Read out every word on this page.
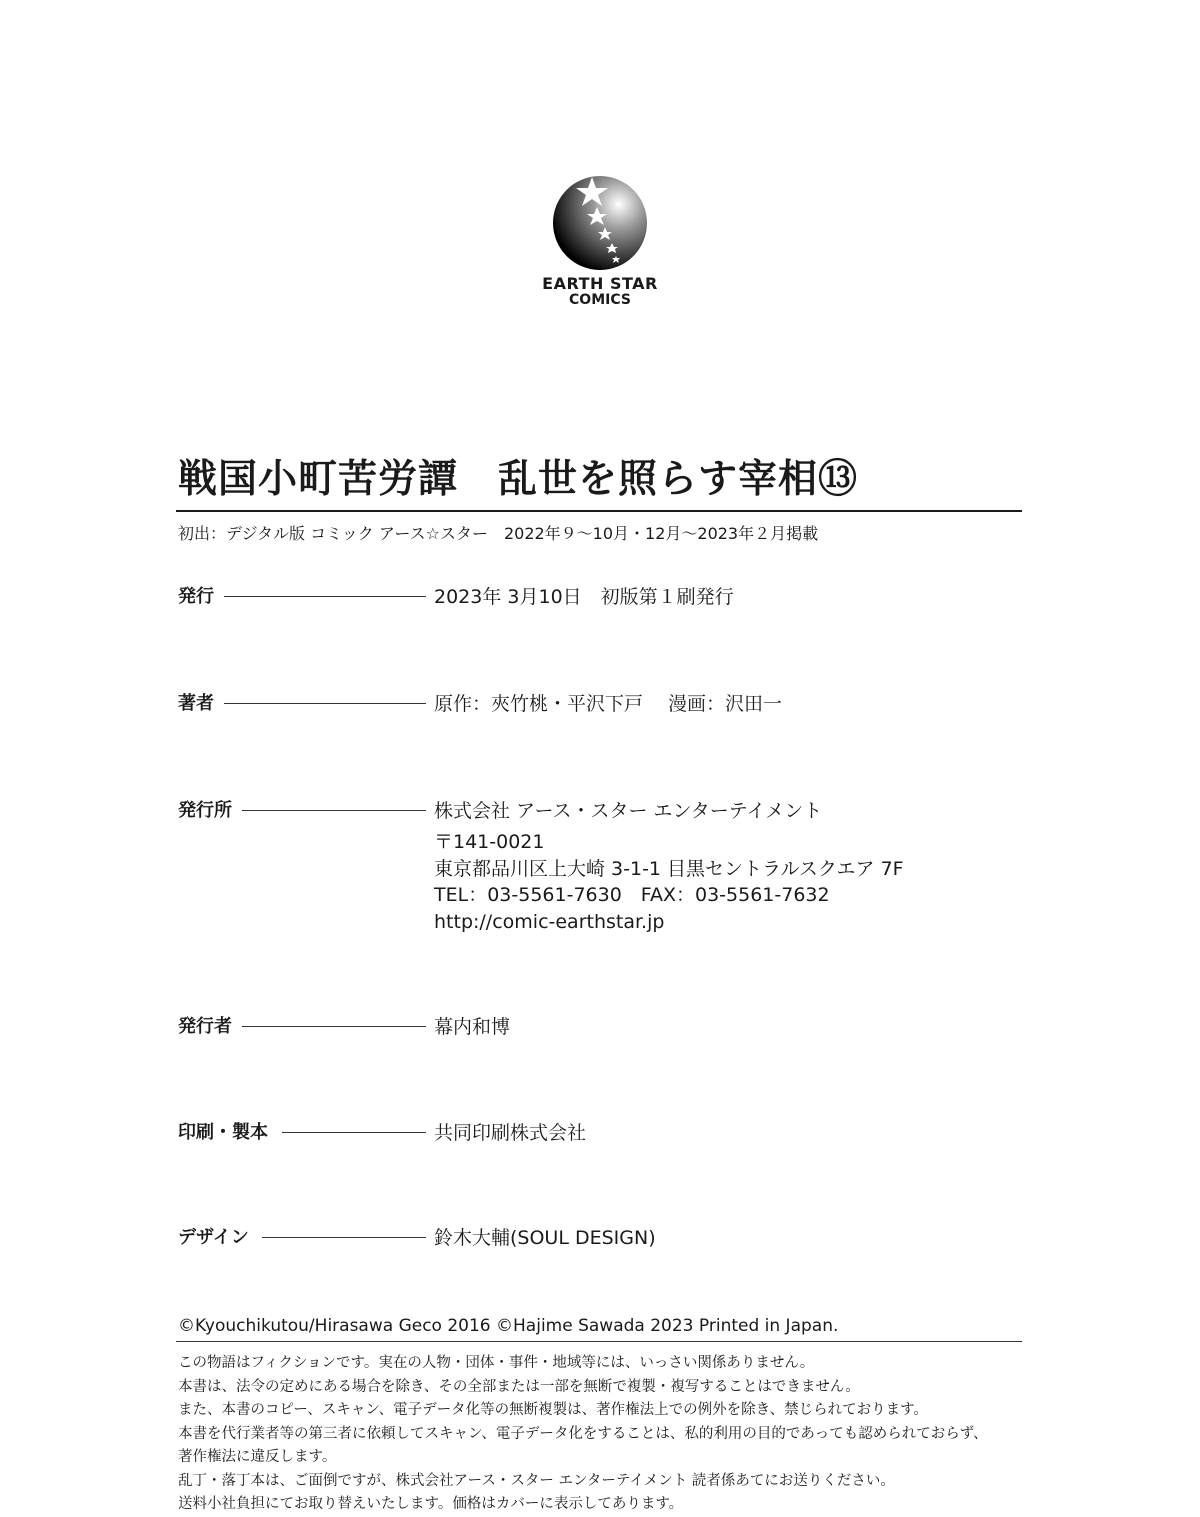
EARTH STAR
COMICS
戦国小町苦労譚　乱世を照らす宰相⑬
初出：デジタル版 コミック アース☆スター　2022年９～10月・12月～2023年２月掲載
発行	2023年 3月10日　初版第１刷発行
著者	原作：夾竹桃・平沢下戸　 漫画：沢田一
発行所	株式会社 アース・スター エンターテイメント
〒141-0021
東京都品川区上大崎 3-1-1 目黒セントラルスクエア 7F
TEL：03-5561-7630　FAX：03-5561-7632
http://comic-earthstar.jp
発行者	幕内和博
印刷・製本	共同印刷株式会社
デザイン	鈴木大輔(SOUL DESIGN)
©Kyouchikutou/Hirasawa Geco 2016 ©Hajime Sawada 2023 Printed in Japan.
この物語はフィクションです。実在の人物・団体・事件・地域等には、いっさい関係ありません。
本書は、法令の定めにある場合を除き、その全部または一部を無断で複製・複写することはできません。
また、本書のコピー、スキャン、電子データ化等の無断複製は、著作権法上での例外を除き、禁じられております。
本書を代行業者等の第三者に依頼してスキャン、電子データ化をすることは、私的利用の目的であっても認められておらず、
著作権法に違反します。
乱丁・落丁本は、ご面倒ですが、株式会社アース・スター エンターテイメント 読者係あてにお送りください。
送料小社負担にてお取り替えいたします。価格はカバーに表示してあります。
